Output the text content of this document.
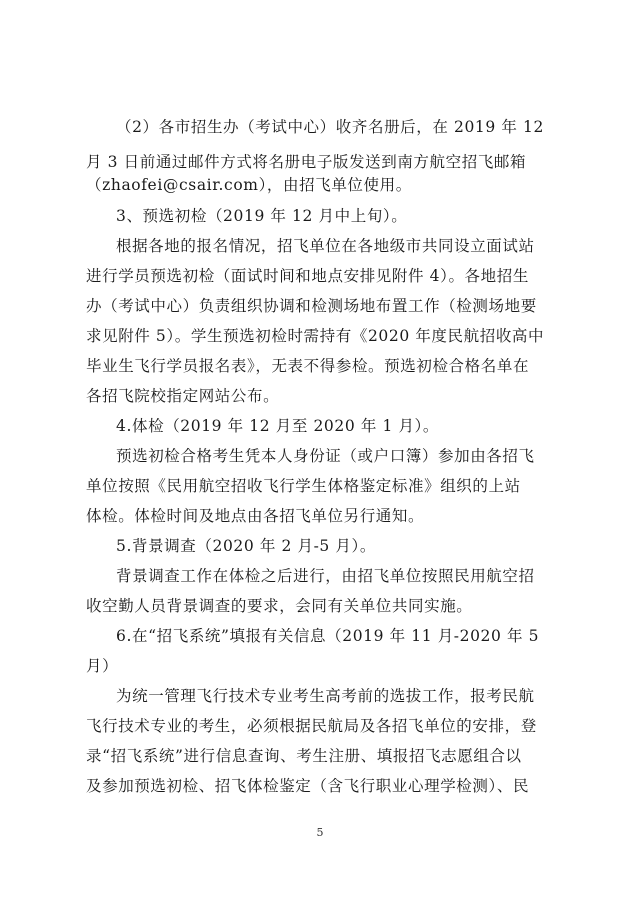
（2）各市招生办（考试中心）收齐名册后，在 2019 年 12
月 3 日前通过邮件方式将名册电子版发送到南方航空招飞邮箱
（zhaofei@csair.com），由招飞单位使用。
3、预选初检（2019 年 12 月中上旬）。
根据各地的报名情况，招飞单位在各地级市共同设立面试站
进行学员预选初检（面试时间和地点安排见附件 4）。各地招生
办（考试中心）负责组织协调和检测场地布置工作（检测场地要
求见附件 5）。学生预选初检时需持有《2020 年度民航招收高中
毕业生飞行学员报名表》，无表不得参检。预选初检合格名单在
各招飞院校指定网站公布。
4.体检（2019 年 12 月至 2020 年 1 月）。
预选初检合格考生凭本人身份证（或户口簿）参加由各招飞
单位按照《民用航空招收飞行学生体格鉴定标准》组织的上站
体检。体检时间及地点由各招飞单位另行通知。
5.背景调查（2020 年 2 月-5 月）。
背景调查工作在体检之后进行，由招飞单位按照民用航空招
收空勤人员背景调查的要求，会同有关单位共同实施。
6.在“招飞系统”填报有关信息（2019 年 11 月-2020 年 5
月）
为统一管理飞行技术专业考生高考前的选拔工作，报考民航
飞行技术专业的考生，必须根据民航局及各招飞单位的安排，登
录“招飞系统”进行信息查询、考生注册、填报招飞志愿组合以
及参加预选初检、招飞体检鉴定（含飞行职业心理学检测）、民
5
